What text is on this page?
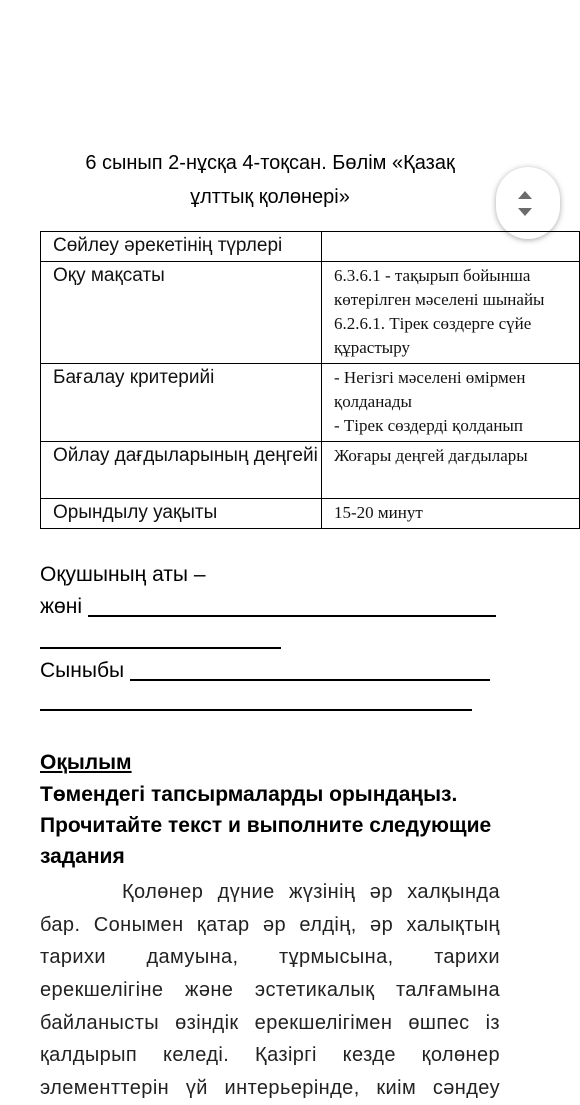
6 сынып 2-нұсқа 4-тоқсан. Бөлім «Қазақ
ұлттық қолөнері»
Сөйлеу әрекетінің түрлері	

Оқу мақсаты	6.3.6.1 - тақырып бойынша
көтерілген мәселені шынайы
6.2.6.1. Тірек сөздерге сүйе
құрастыру

Бағалау критерийі	- Негізгі мәселені өмірмен
қолданады
- Тірек сөздерді қолданып

Ойлау дағдыларының деңгейі	Жоғары деңгей дағдылары

Орындылу уақыты	15-20 минут
Оқушының аты –
жөні
Сыныбы
Оқылым
Төмендегі тапсырмаларды орындаңыз.
Прочитайте текст и выполните следующие
задания
Қолөнер дүние жүзінің әр халқында
бар. Сонымен қатар әр елдің, әр халықтың
тарихи дамуына, тұрмысына, тарихи
ерекшелігіне және эстетикалық талғамына
байланысты өзіндік ерекшелігімен өшпес із
қалдырып келеді. Қазіргі кезде қолөнер
элементтерін үй интерьерінде, киім сәндеу
